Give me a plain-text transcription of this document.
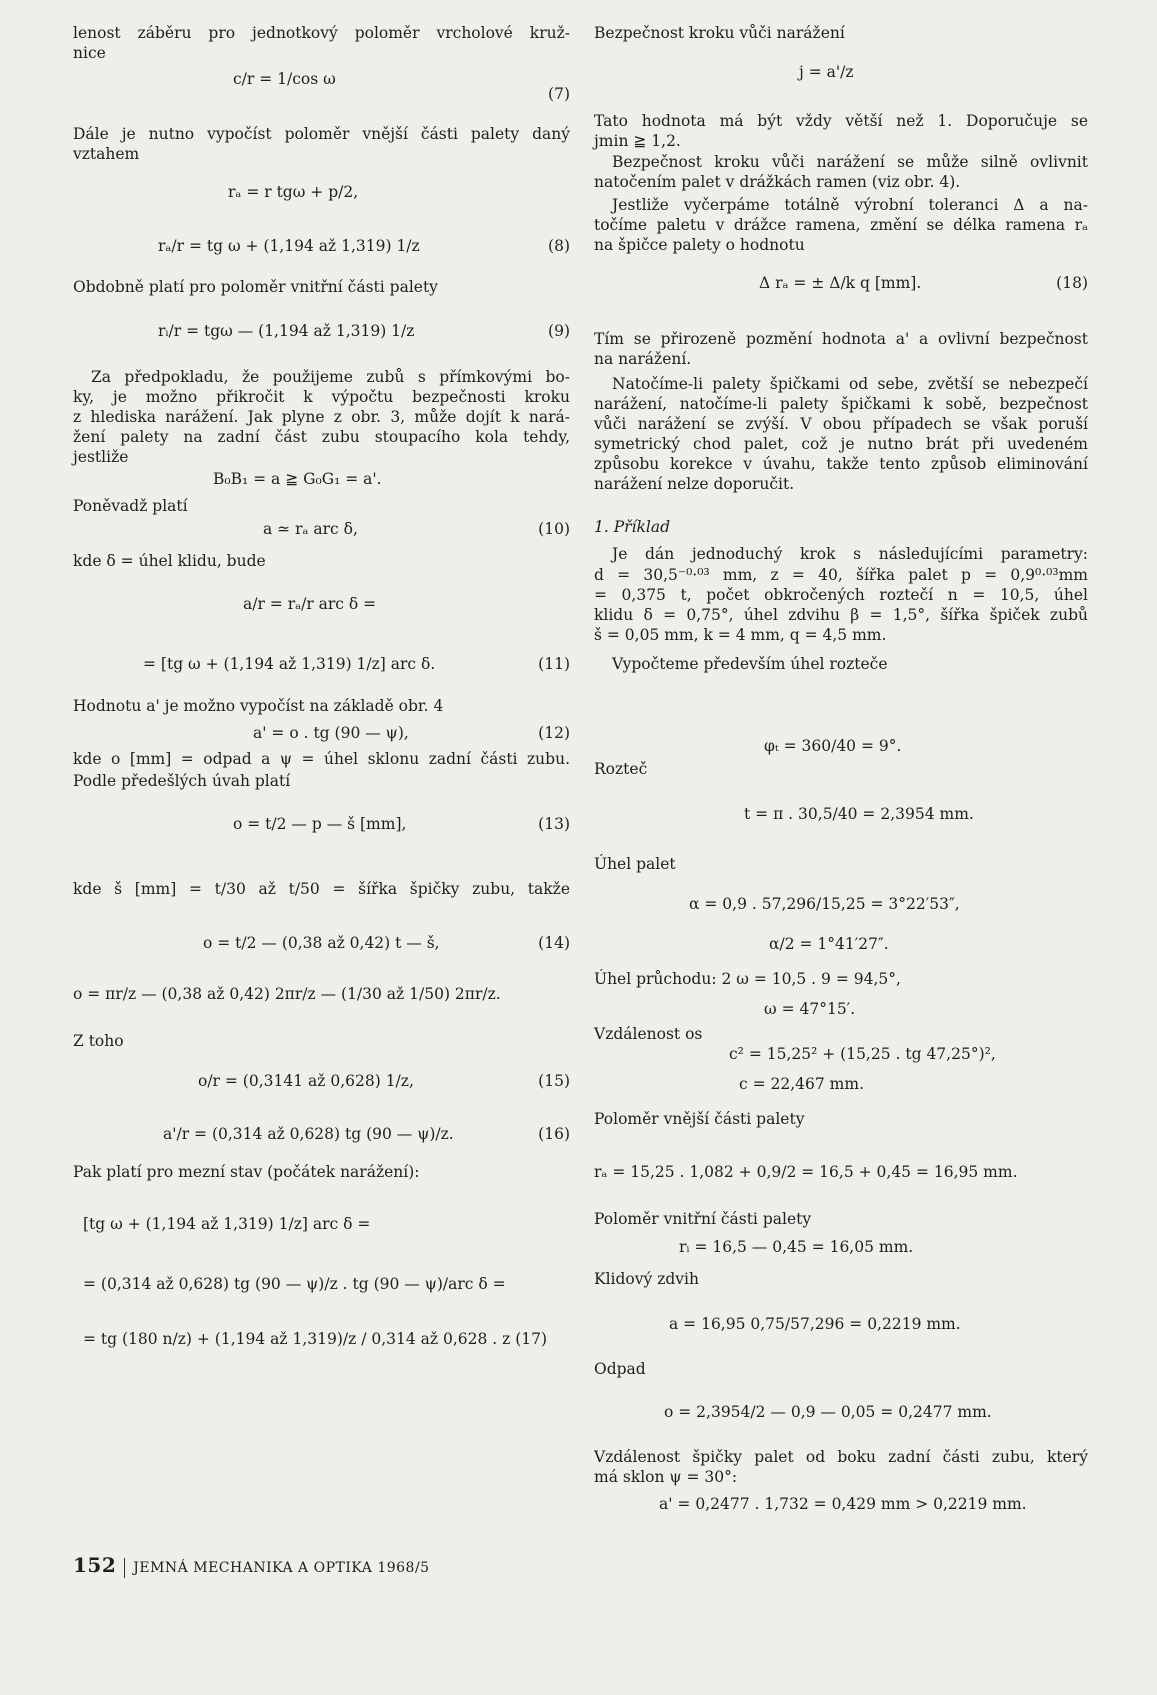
lenost záběru pro jednotkový poloměr vrcholové kruž-
nice
c/r = 1/cos ω
(7)
Dále je nutno vypočíst poloměr vnější části palety daný
vztahem
rₐ = r tgω + p/2,
rₐ/r = tg ω + (1,194 až 1,319) 1/z	(8)
Obdobně platí pro poloměr vnitřní části palety
rᵢ/r = tgω — (1,194 až 1,319) 1/z	(9)
Za předpokladu, že použijeme zubů s přímkovými bo-
ky, je možno přikročit k výpočtu bezpečnosti kroku
z hlediska narážení. Jak plyne z obr. 3, může dojít k nará-
žení palety na zadní část zubu stoupacího kola tehdy,
jestliže
B₀B₁ = a ≧ G₀G₁ = a'.
Poněvadž platí
a ≃ rₐ arc δ,	(10)
kde δ = úhel klidu, bude
a/r = rₐ/r arc δ =
= [tg ω + (1,194 až 1,319) 1/z] arc δ.	(11)
Hodnotu a' je možno vypočíst na základě obr. 4
a' = o . tg (90 — ψ),	(12)
kde o [mm] = odpad a ψ = úhel sklonu zadní části zubu.
Podle předešlých úvah platí
o = t/2 — p — š [mm],	(13)
kde š [mm] = t/30 až t/50 = šířka špičky zubu, takže
o = t/2 — (0,38 až 0,42) t — š,	(14)
o = πr/z — (0,38 až 0,42) 2πr/z — (1/30 až 1/50) 2πr/z.
Z toho
o/r = (0,3141 až 0,628) 1/z,	(15)
a'/r = (0,314 až 0,628) tg (90 — ψ)/z.	(16)
Pak platí pro mezní stav (počátek narážení):
[tg ω + (1,194 až 1,319) 1/z] arc δ =
= (0,314 až 0,628) tg (90 — ψ)/z . tg (90 — ψ)/arc δ =
= tg (180 n/z) + (1,194 až 1,319)/z / 0,314 až 0,628 . z (17)
Bezpečnost kroku vůči narážení
j = a'/z
Tato hodnota má být vždy větší než 1. Doporučuje se
jmin ≧ 1,2.
Bezpečnost kroku vůči narážení se může silně ovlivnit
natočením palet v drážkách ramen (viz obr. 4).
Jestliže vyčerpáme totálně výrobní toleranci Δ a na-
točíme paletu v drážce ramena, změní se délka ramena rₐ
na špičce palety o hodnotu
Δ rₐ = ± Δ/k q [mm].	(18)
Tím se přirozeně pozmění hodnota a' a ovlivní bezpečnost
na narážení.
Natočíme-li palety špičkami od sebe, zvětší se nebezpečí
narážení, natočíme-li palety špičkami k sobě, bezpečnost
vůči narážení se zvýší. V obou případech se však poruší
symetrický chod palet, což je nutno brát při uvedeném
způsobu korekce v úvahu, takže tento způsob eliminování
narážení nelze doporučit.
1. Příklad
Je dán jednoduchý krok s následujícími parametry:
d = 30,5⁻⁰·⁰³ mm, z = 40, šířka palet p = 0,9⁰·⁰³mm
= 0,375 t, počet obkročených roztečí n = 10,5, úhel
klidu δ = 0,75°, úhel zdvihu β = 1,5°, šířka špiček zubů
š = 0,05 mm, k = 4 mm, q = 4,5 mm.
Vypočteme především úhel rozteče
φₜ = 360/40 = 9°.
Rozteč
t = π . 30,5/40 = 2,3954 mm.
Úhel palet
α = 0,9 . 57,296/15,25 = 3°22′53″,
α/2 = 1°41′27″.
Úhel průchodu: 2 ω = 10,5 . 9 = 94,5°,
ω = 47°15′.
Vzdálenost os
c² = 15,25² + (15,25 . tg 47,25°)²,
c = 22,467 mm.
Poloměr vnější části palety
rₐ = 15,25 . 1,082 + 0,9/2 = 16,5 + 0,45 = 16,95 mm.
Poloměr vnitřní části palety
rᵢ = 16,5 — 0,45 = 16,05 mm.
Klidový zdvih
a = 16,95 0,75/57,296 = 0,2219 mm.
Odpad
o = 2,3954/2 — 0,9 — 0,05 = 0,2477 mm.
Vzdálenost špičky palet od boku zadní části zubu, který
má sklon ψ = 30°:
a' = 0,2477 . 1,732 = 0,429 mm > 0,2219 mm.
152 JEMNÁ MECHANIKA A OPTIKA 1968/5
